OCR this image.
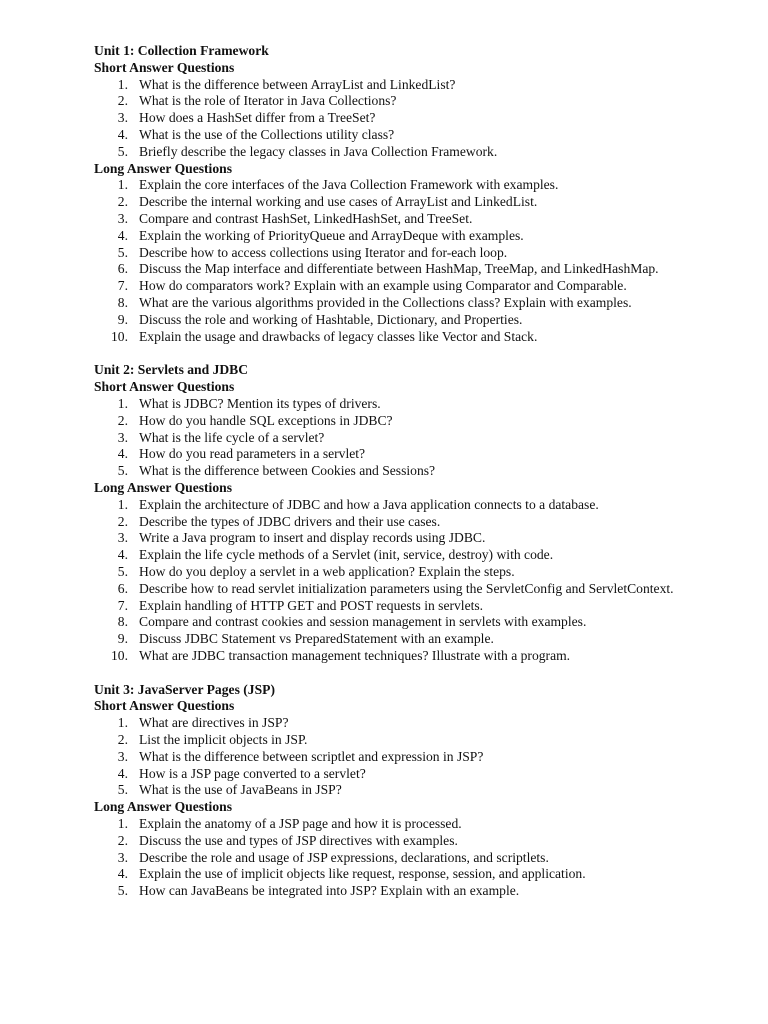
Unit 1: Collection Framework
Short Answer Questions
1. What is the difference between ArrayList and LinkedList?
2. What is the role of Iterator in Java Collections?
3. How does a HashSet differ from a TreeSet?
4. What is the use of the Collections utility class?
5. Briefly describe the legacy classes in Java Collection Framework.
Long Answer Questions
1. Explain the core interfaces of the Java Collection Framework with examples.
2. Describe the internal working and use cases of ArrayList and LinkedList.
3. Compare and contrast HashSet, LinkedHashSet, and TreeSet.
4. Explain the working of PriorityQueue and ArrayDeque with examples.
5. Describe how to access collections using Iterator and for-each loop.
6. Discuss the Map interface and differentiate between HashMap, TreeMap, and LinkedHashMap.
7. How do comparators work? Explain with an example using Comparator and Comparable.
8. What are the various algorithms provided in the Collections class? Explain with examples.
9. Discuss the role and working of Hashtable, Dictionary, and Properties.
10. Explain the usage and drawbacks of legacy classes like Vector and Stack.
Unit 2: Servlets and JDBC
Short Answer Questions
1. What is JDBC? Mention its types of drivers.
2. How do you handle SQL exceptions in JDBC?
3. What is the life cycle of a servlet?
4. How do you read parameters in a servlet?
5. What is the difference between Cookies and Sessions?
Long Answer Questions
1. Explain the architecture of JDBC and how a Java application connects to a database.
2. Describe the types of JDBC drivers and their use cases.
3. Write a Java program to insert and display records using JDBC.
4. Explain the life cycle methods of a Servlet (init, service, destroy) with code.
5. How do you deploy a servlet in a web application? Explain the steps.
6. Describe how to read servlet initialization parameters using the ServletConfig and ServletContext.
7. Explain handling of HTTP GET and POST requests in servlets.
8. Compare and contrast cookies and session management in servlets with examples.
9. Discuss JDBC Statement vs PreparedStatement with an example.
10. What are JDBC transaction management techniques? Illustrate with a program.
Unit 3: JavaServer Pages (JSP)
Short Answer Questions
1. What are directives in JSP?
2. List the implicit objects in JSP.
3. What is the difference between scriptlet and expression in JSP?
4. How is a JSP page converted to a servlet?
5. What is the use of JavaBeans in JSP?
Long Answer Questions
1. Explain the anatomy of a JSP page and how it is processed.
2. Discuss the use and types of JSP directives with examples.
3. Describe the role and usage of JSP expressions, declarations, and scriptlets.
4. Explain the use of implicit objects like request, response, session, and application.
5. How can JavaBeans be integrated into JSP? Explain with an example.
